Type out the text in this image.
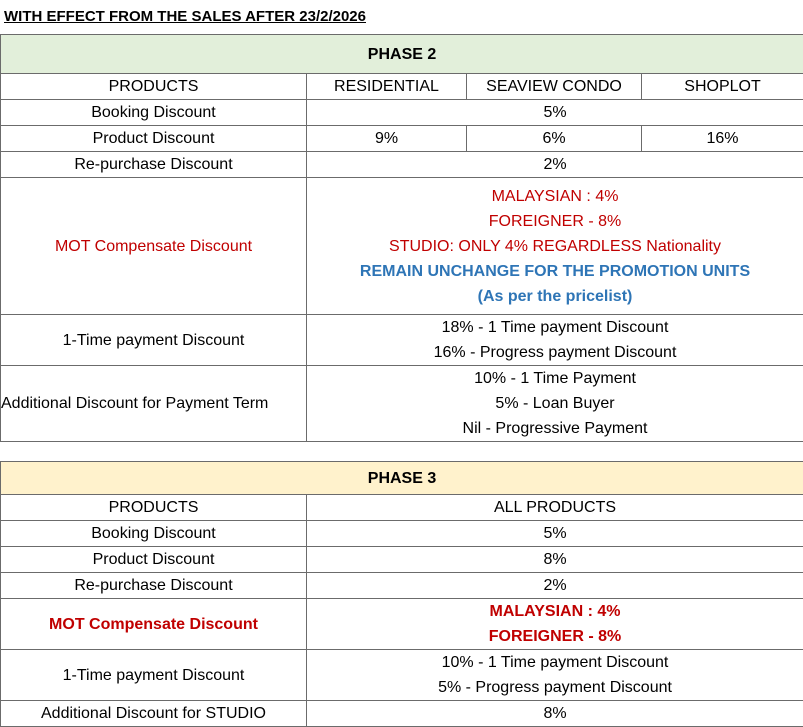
WITH EFFECT FROM THE SALES AFTER 23/2/2026
PHASE 2			
PRODUCTS	RESIDENTIAL	SEAVIEW CONDO	SHOPLOT
Booking Discount	5%		
Product Discount	9%	6%	16%
Re-purchase Discount	2%		
MOT Compensate Discount	MALAYSIAN : 4%
FOREIGNER - 8%
STUDIO: ONLY 4% REGARDLESS Nationality
REMAIN UNCHANGE FOR THE PROMOTION UNITS
(As per the pricelist)		

1-Time payment Discount	18% - 1 Time payment Discount
16% - Progress payment Discount		

Additional Discount for Payment Term	10% - 1 Time Payment
5% - Loan Buyer
Nil - Progressive Payment		
PHASE 3	
PRODUCTS	ALL PRODUCTS
Booking Discount	5%
Product Discount	8%
Re-purchase Discount	2%
MOT Compensate Discount	MALAYSIAN : 4%
FOREIGNER - 8%

1-Time payment Discount	10% - 1 Time payment Discount
5% - Progress payment Discount

Additional Discount for STUDIO	8%
